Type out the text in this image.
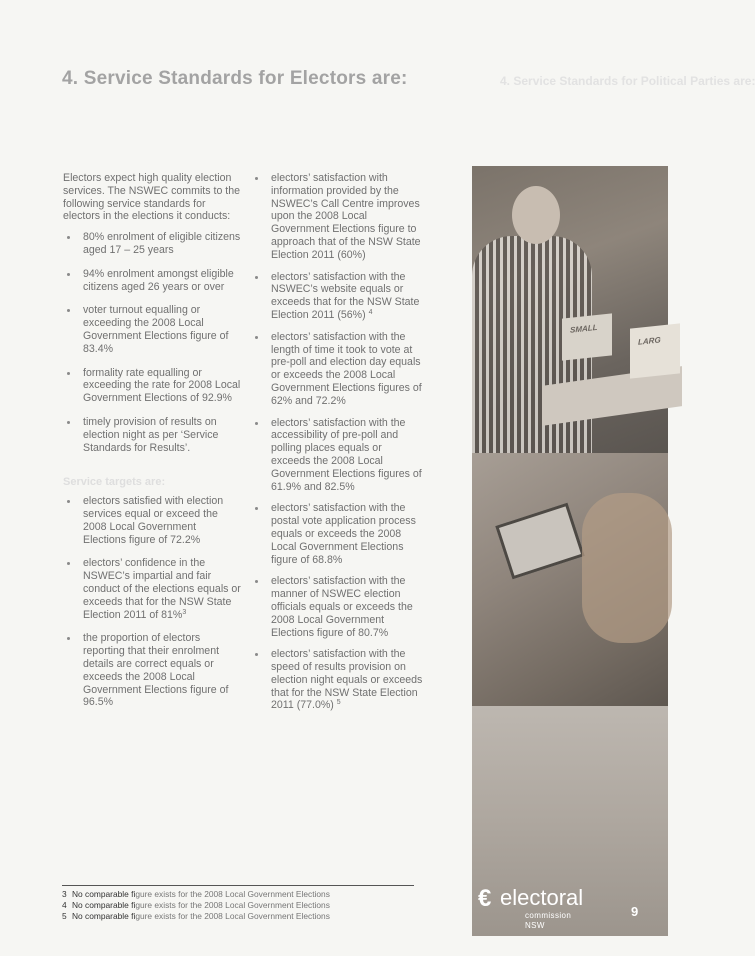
4. Service Standards for Electors are:	4. Service Standards for Political Parties are:

Electors expect high quality election services. The NSWEC commits to the following service standards for electors in the elections it conducts:

80% enrolment of eligible citizens aged 17 – 25 years
94% enrolment amongst eligible citizens aged 26 years or over
voter turnout equalling or exceeding the 2008 Local Government Elections figure of 83.4%
formality rate equalling or exceeding the rate for 2008 Local Government Elections of 92.9%
timely provision of results on election night as per ‘Service Standards for Results’.
Service targets are:
electors satisfied with election services equal or exceed the 2008 Local Government Elections figure of 72.2%
electors’ confidence in the NSWEC’s impartial and fair conduct of the elections equals or exceeds that for the NSW State Election 2011 of 81%$^3$
the proportion of electors reporting that their enrolment details are correct equals or exceeds the 2008 Local Government Elections figure of 96.5%
electors’ satisfaction with information provided by the NSWEC’s Call Centre improves upon the 2008 Local Government Elections figure to approach that of the NSW State Election 2011 (60%)
electors’ satisfaction with the NSWEC’s website equals or exceeds that for the NSW State Election 2011 (56%) $^4$
electors’ satisfaction with the length of time it took to vote at pre-poll and election day equals or exceeds the 2008 Local Government Elections figures of 62% and 72.2%
electors’ satisfaction with the accessibility of pre-poll and polling places equals or exceeds the 2008 Local Government Elections figures of 61.9% and 82.5%
electors’ satisfaction with the postal vote application process equals or exceeds the 2008 Local Government Elections figure of 68.8%
electors’ satisfaction with the manner of NSWEC election officials equals or exceeds the 2008 Local Government Elections figure of 80.7%
electors’ satisfaction with the speed of results provision on election night equals or exceeds that for the NSW State Election 2011 (77.0%) $^5$
SMALL
LARG
3 No comparable figure exists for the 2008 Local Government Elections
4 No comparable figure exists for the 2008 Local Government Elections
5 No comparable figure exists for the 2008 Local Government Elections
€ electoral
commission NSW
9
